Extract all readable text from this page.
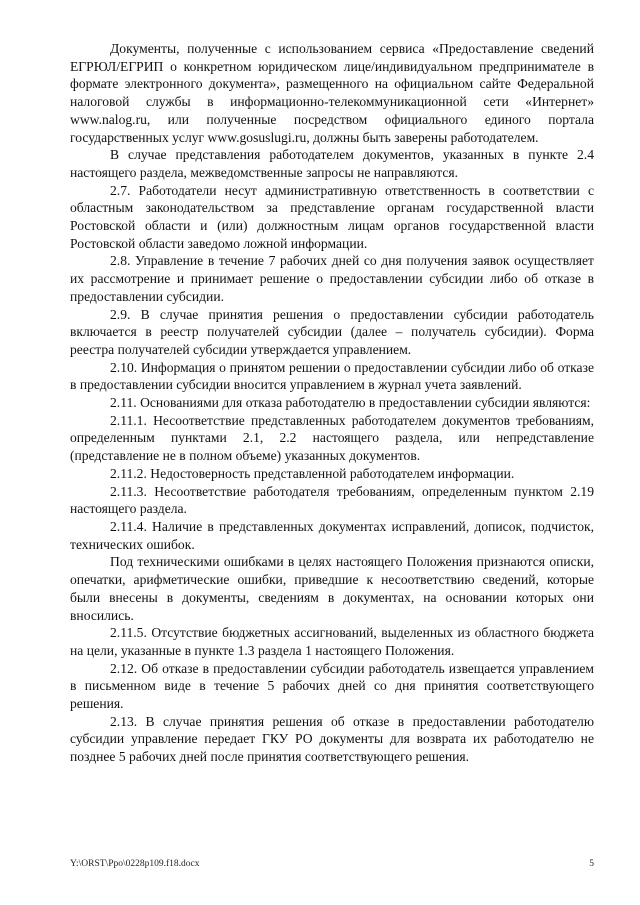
Документы, полученные с использованием сервиса «Предоставление сведений ЕГРЮЛ/ЕГРИП о конкретном юридическом лице/индивидуальном предпринимателе в формате электронного документа», размещенного на официальном сайте Федеральной налоговой службы в информационно-телекоммуникационной сети «Интернет» www.nalog.ru, или полученные посредством официального единого портала государственных услуг www.gosuslugi.ru, должны быть заверены работодателем.

В случае представления работодателем документов, указанных в пункте 2.4 настоящего раздела, межведомственные запросы не направляются.

2.7. Работодатели несут административную ответственность в соответствии с областным законодательством за представление органам государственной власти Ростовской области и (или) должностным лицам органов государственной власти Ростовской области заведомо ложной информации.

2.8. Управление в течение 7 рабочих дней со дня получения заявок осуществляет их рассмотрение и принимает решение о предоставлении субсидии либо об отказе в предоставлении субсидии.

2.9. В случае принятия решения о предоставлении субсидии работодатель включается в реестр получателей субсидии (далее – получатель субсидии). Форма реестра получателей субсидии утверждается управлением.

2.10. Информация о принятом решении о предоставлении субсидии либо об отказе в предоставлении субсидии вносится управлением в журнал учета заявлений.

2.11. Основаниями для отказа работодателю в предоставлении субсидии являются:

2.11.1. Несоответствие представленных работодателем документов требованиям, определенным пунктами 2.1, 2.2 настоящего раздела, или непредставление (представление не в полном объеме) указанных документов.

2.11.2. Недостоверность представленной работодателем информации.

2.11.3. Несоответствие работодателя требованиям, определенным пунктом 2.19 настоящего раздела.

2.11.4. Наличие в представленных документах исправлений, дописок, подчисток, технических ошибок.

Под техническими ошибками в целях настоящего Положения признаются описки, опечатки, арифметические ошибки, приведшие к несоответствию сведений, которые были внесены в документы, сведениям в документах, на основании которых они вносились.

2.11.5. Отсутствие бюджетных ассигнований, выделенных из областного бюджета на цели, указанные в пункте 1.3 раздела 1 настоящего Положения.

2.12. Об отказе в предоставлении субсидии работодатель извещается управлением в письменном виде в течение 5 рабочих дней со дня принятия соответствующего решения.

2.13. В случае принятия решения об отказе в предоставлении работодателю субсидии управление передает ГКУ РО документы для возврата их работодателю не позднее 5 рабочих дней после принятия соответствующего решения.

Y:\ORST\Ppo\0228p109.f18.docx	5
